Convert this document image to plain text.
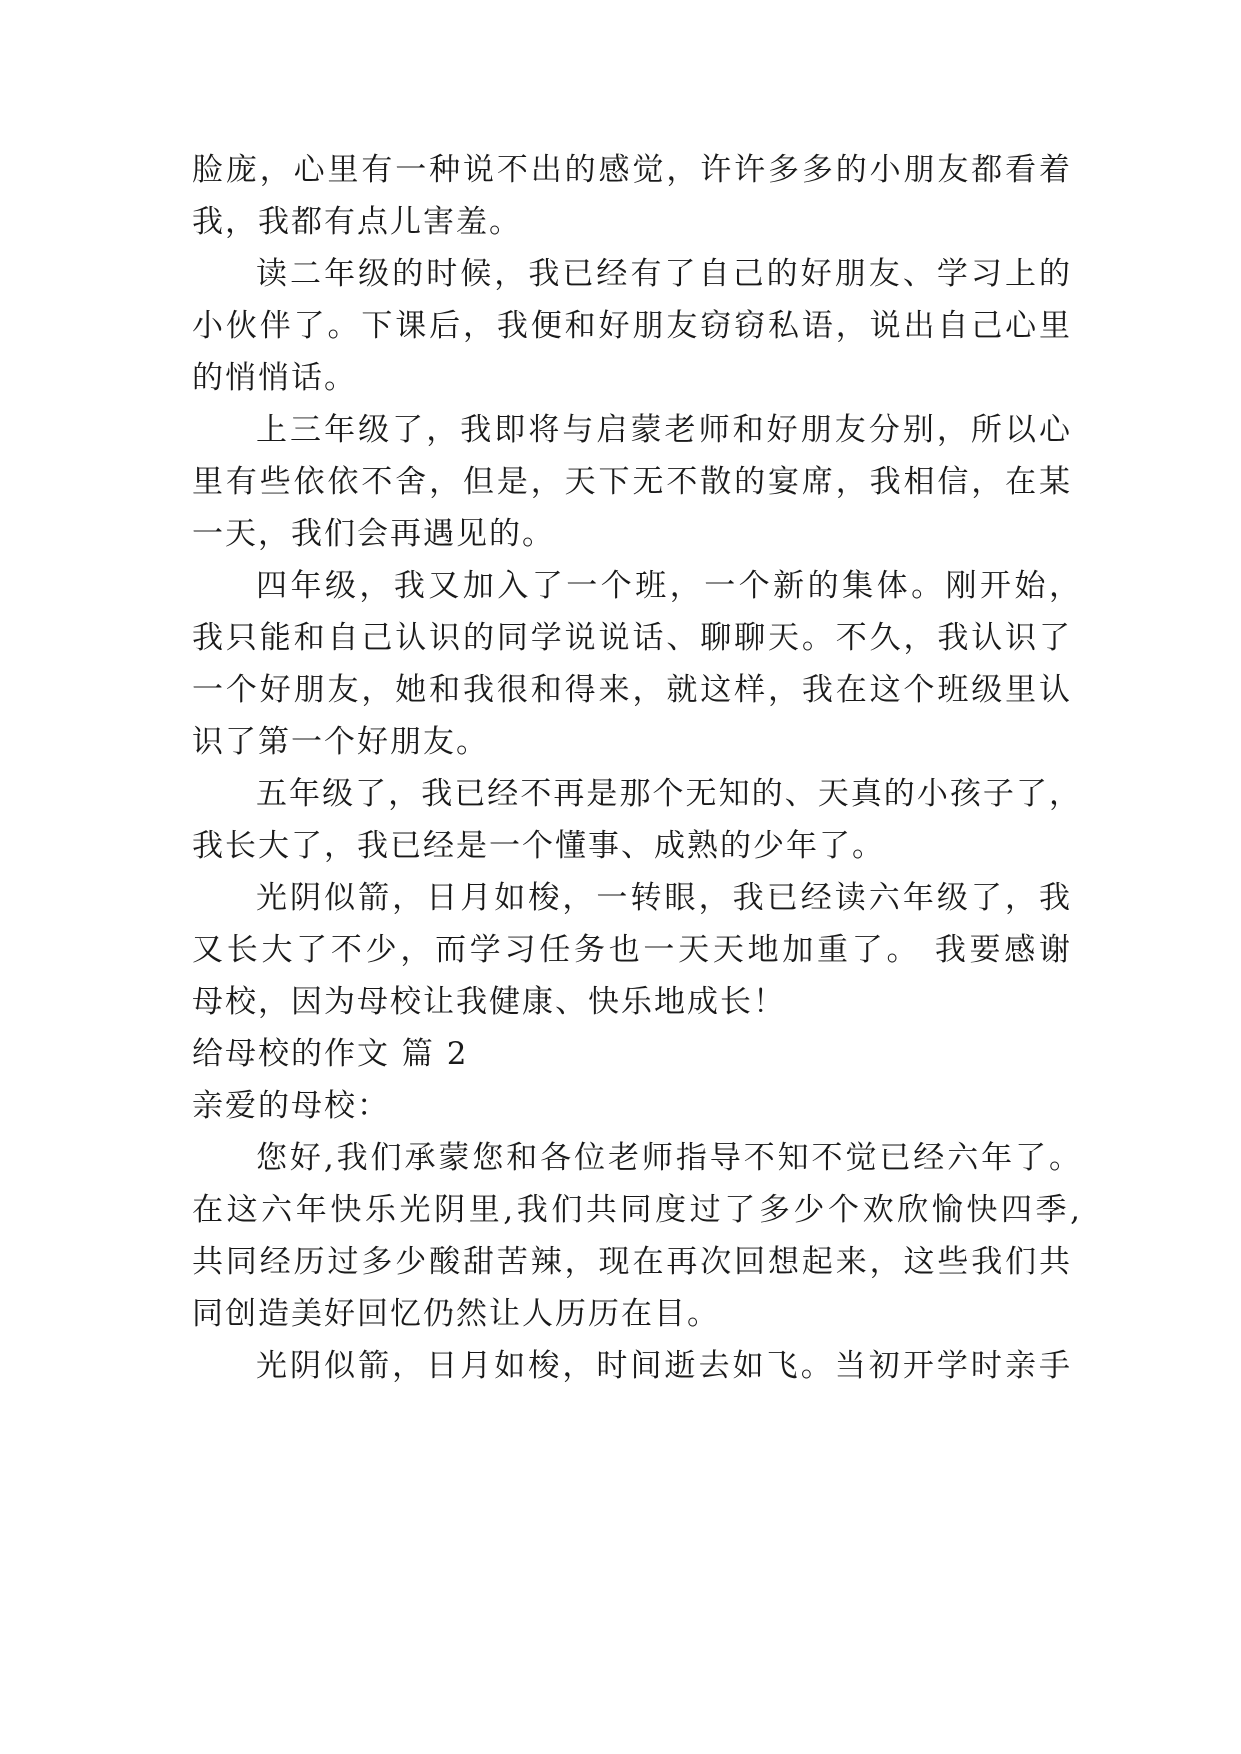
脸庞，心里有一种说不出的感觉，许许多多的小朋友都看着
我，我都有点儿害羞。
读二年级的时候，我已经有了自己的好朋友、学习上的
小伙伴了。下课后，我便和好朋友窃窃私语，说出自己心里
的悄悄话。
上三年级了，我即将与启蒙老师和好朋友分别，所以心
里有些依依不舍，但是，天下无不散的宴席，我相信，在某
一天，我们会再遇见的。
四年级，我又加入了一个班，一个新的集体。刚开始，
我只能和自己认识的同学说说话、聊聊天。不久，我认识了
一个好朋友，她和我很和得来，就这样，我在这个班级里认
识了第一个好朋友。
五年级了，我已经不再是那个无知的、天真的小孩子了，
我长大了，我已经是一个懂事、成熟的少年了。
光阴似箭，日月如梭，一转眼，我已经读六年级了，我
又长大了不少，而学习任务也一天天地加重了。 我要感谢
母校，因为母校让我健康、快乐地成长！
给母校的作文 篇 2
亲爱的母校：
您好,我们承蒙您和各位老师指导不知不觉已经六年了。
在这六年快乐光阴里,我们共同度过了多少个欢欣愉快四季,
共同经历过多少酸甜苦辣，现在再次回想起来，这些我们共
同创造美好回忆仍然让人历历在目。
光阴似箭，日月如梭，时间逝去如飞。当初开学时亲手
